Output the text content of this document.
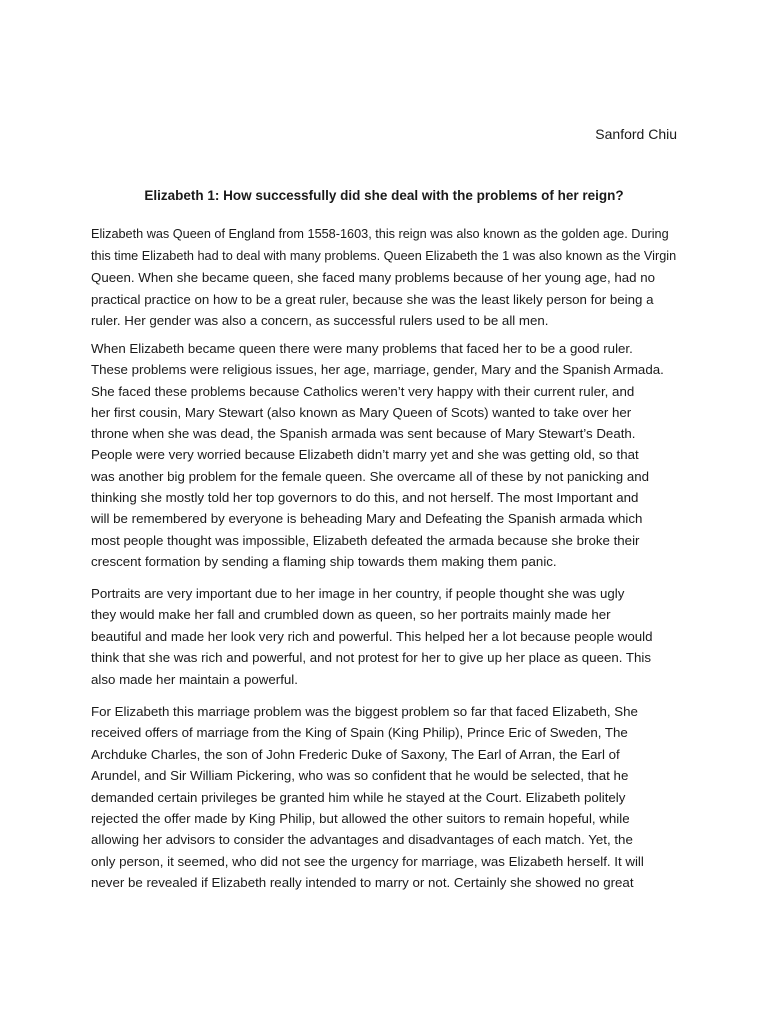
Sanford Chiu
Elizabeth 1: How successfully did she deal with the problems of her reign?
Elizabeth was Queen of England from 1558-1603, this reign was also known as the golden age. During
this time Elizabeth had to deal with many problems. Queen Elizabeth the 1 was also known as the Virgin
Queen. When she became queen, she faced many problems because of her young age, had no
practical practice on how to be a great ruler, because she was the least likely person for being a
ruler. Her gender was also a concern, as successful rulers used to be all men.
When Elizabeth became queen there were many problems that faced her to be a good ruler.
These problems were religious issues, her age, marriage, gender, Mary and the Spanish Armada.
She faced these problems because Catholics weren’t very happy with their current ruler, and
her first cousin, Mary Stewart (also known as Mary Queen of Scots) wanted to take over her
throne when she was dead, the Spanish armada was sent because of Mary Stewart’s Death.
People were very worried because Elizabeth didn’t marry yet and she was getting old, so that
was another big problem for the female queen. She overcame all of these by not panicking and
thinking she mostly told her top governors to do this, and not herself. The most Important and
will be remembered by everyone is beheading Mary and Defeating the Spanish armada which
most people thought was impossible, Elizabeth defeated the armada because she broke their
crescent formation by sending a flaming ship towards them making them panic.
Portraits are very important due to her image in her country, if people thought she was ugly
they would make her fall and crumbled down as queen, so her portraits mainly made her
beautiful and made her look very rich and powerful. This helped her a lot because people would
think that she was rich and powerful, and not protest for her to give up her place as queen. This
also made her maintain a powerful.
For Elizabeth this marriage problem was the biggest problem so far that faced Elizabeth, She
received offers of marriage from the King of Spain (King Philip), Prince Eric of Sweden, The
Archduke Charles, the son of John Frederic Duke of Saxony, The Earl of Arran, the Earl of
Arundel, and Sir William Pickering, who was so confident that he would be selected, that he
demanded certain privileges be granted him while he stayed at the Court. Elizabeth politely
rejected the offer made by King Philip, but allowed the other suitors to remain hopeful, while
allowing her advisors to consider the advantages and disadvantages of each match. Yet, the
only person, it seemed, who did not see the urgency for marriage, was Elizabeth herself. It will
never be revealed if Elizabeth really intended to marry or not. Certainly she showed no great
